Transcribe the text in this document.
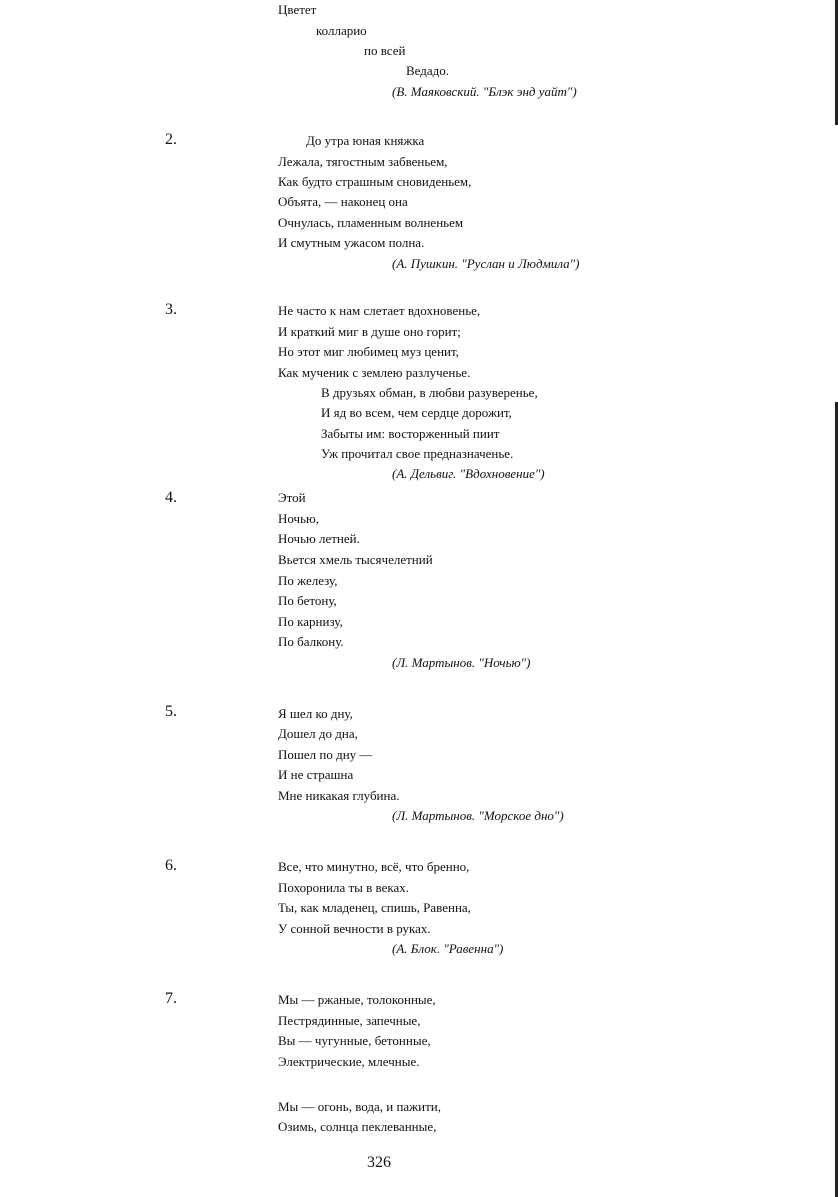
Цветет
колларио
по всей
Ведадо.
(В. Маяковский. "Блэк энд уайт")
2.	До утра юная княжка
Лежала, тягостным забвеньем,
Как будто страшным сновиденьем,
Объята, — наконец она
Очнулась, пламенным волненьем
И смутным ужасом полна.
(А. Пушкин. "Руслан и Людмила")
3.	Не часто к нам слетает вдохновенье,
И краткий миг в душе оно горит;
Но этот миг любимец муз ценит,
Как мученик с землею разлученье.
В друзьях обман, в любви разуверенье,
И яд во всем, чем сердце дорожит,
Забыты им: восторженный пиит
Уж прочитал свое предназначенье.
(А. Дельвиг. "Вдохновение")
4.	Этой
Ночью,
Ночью летней.
Вьется хмель тысячелетний
По железу,
По бетону,
По карнизу,
По балкону.
(Л. Мартынов. "Ночью")
5.	Я шел ко дну,
Дошел до дна,
Пошел по дну —
И не страшна
Мне никакая глубина.
(Л. Мартынов. "Морское дно")
6.	Все, что минутно, всё, что бренно,
Похоронила ты в веках.
Ты, как младенец, спишь, Равенна,
У сонной вечности в руках.
(А. Блок. "Равенна")
7.	Мы — ржаные, толоконные,
Пестрядинные, запечные,
Вы — чугунные, бетонные,
Электрические, млечные.
Мы — огонь, вода, и пажити,
Озимь, солнца пеклеванные,
326
